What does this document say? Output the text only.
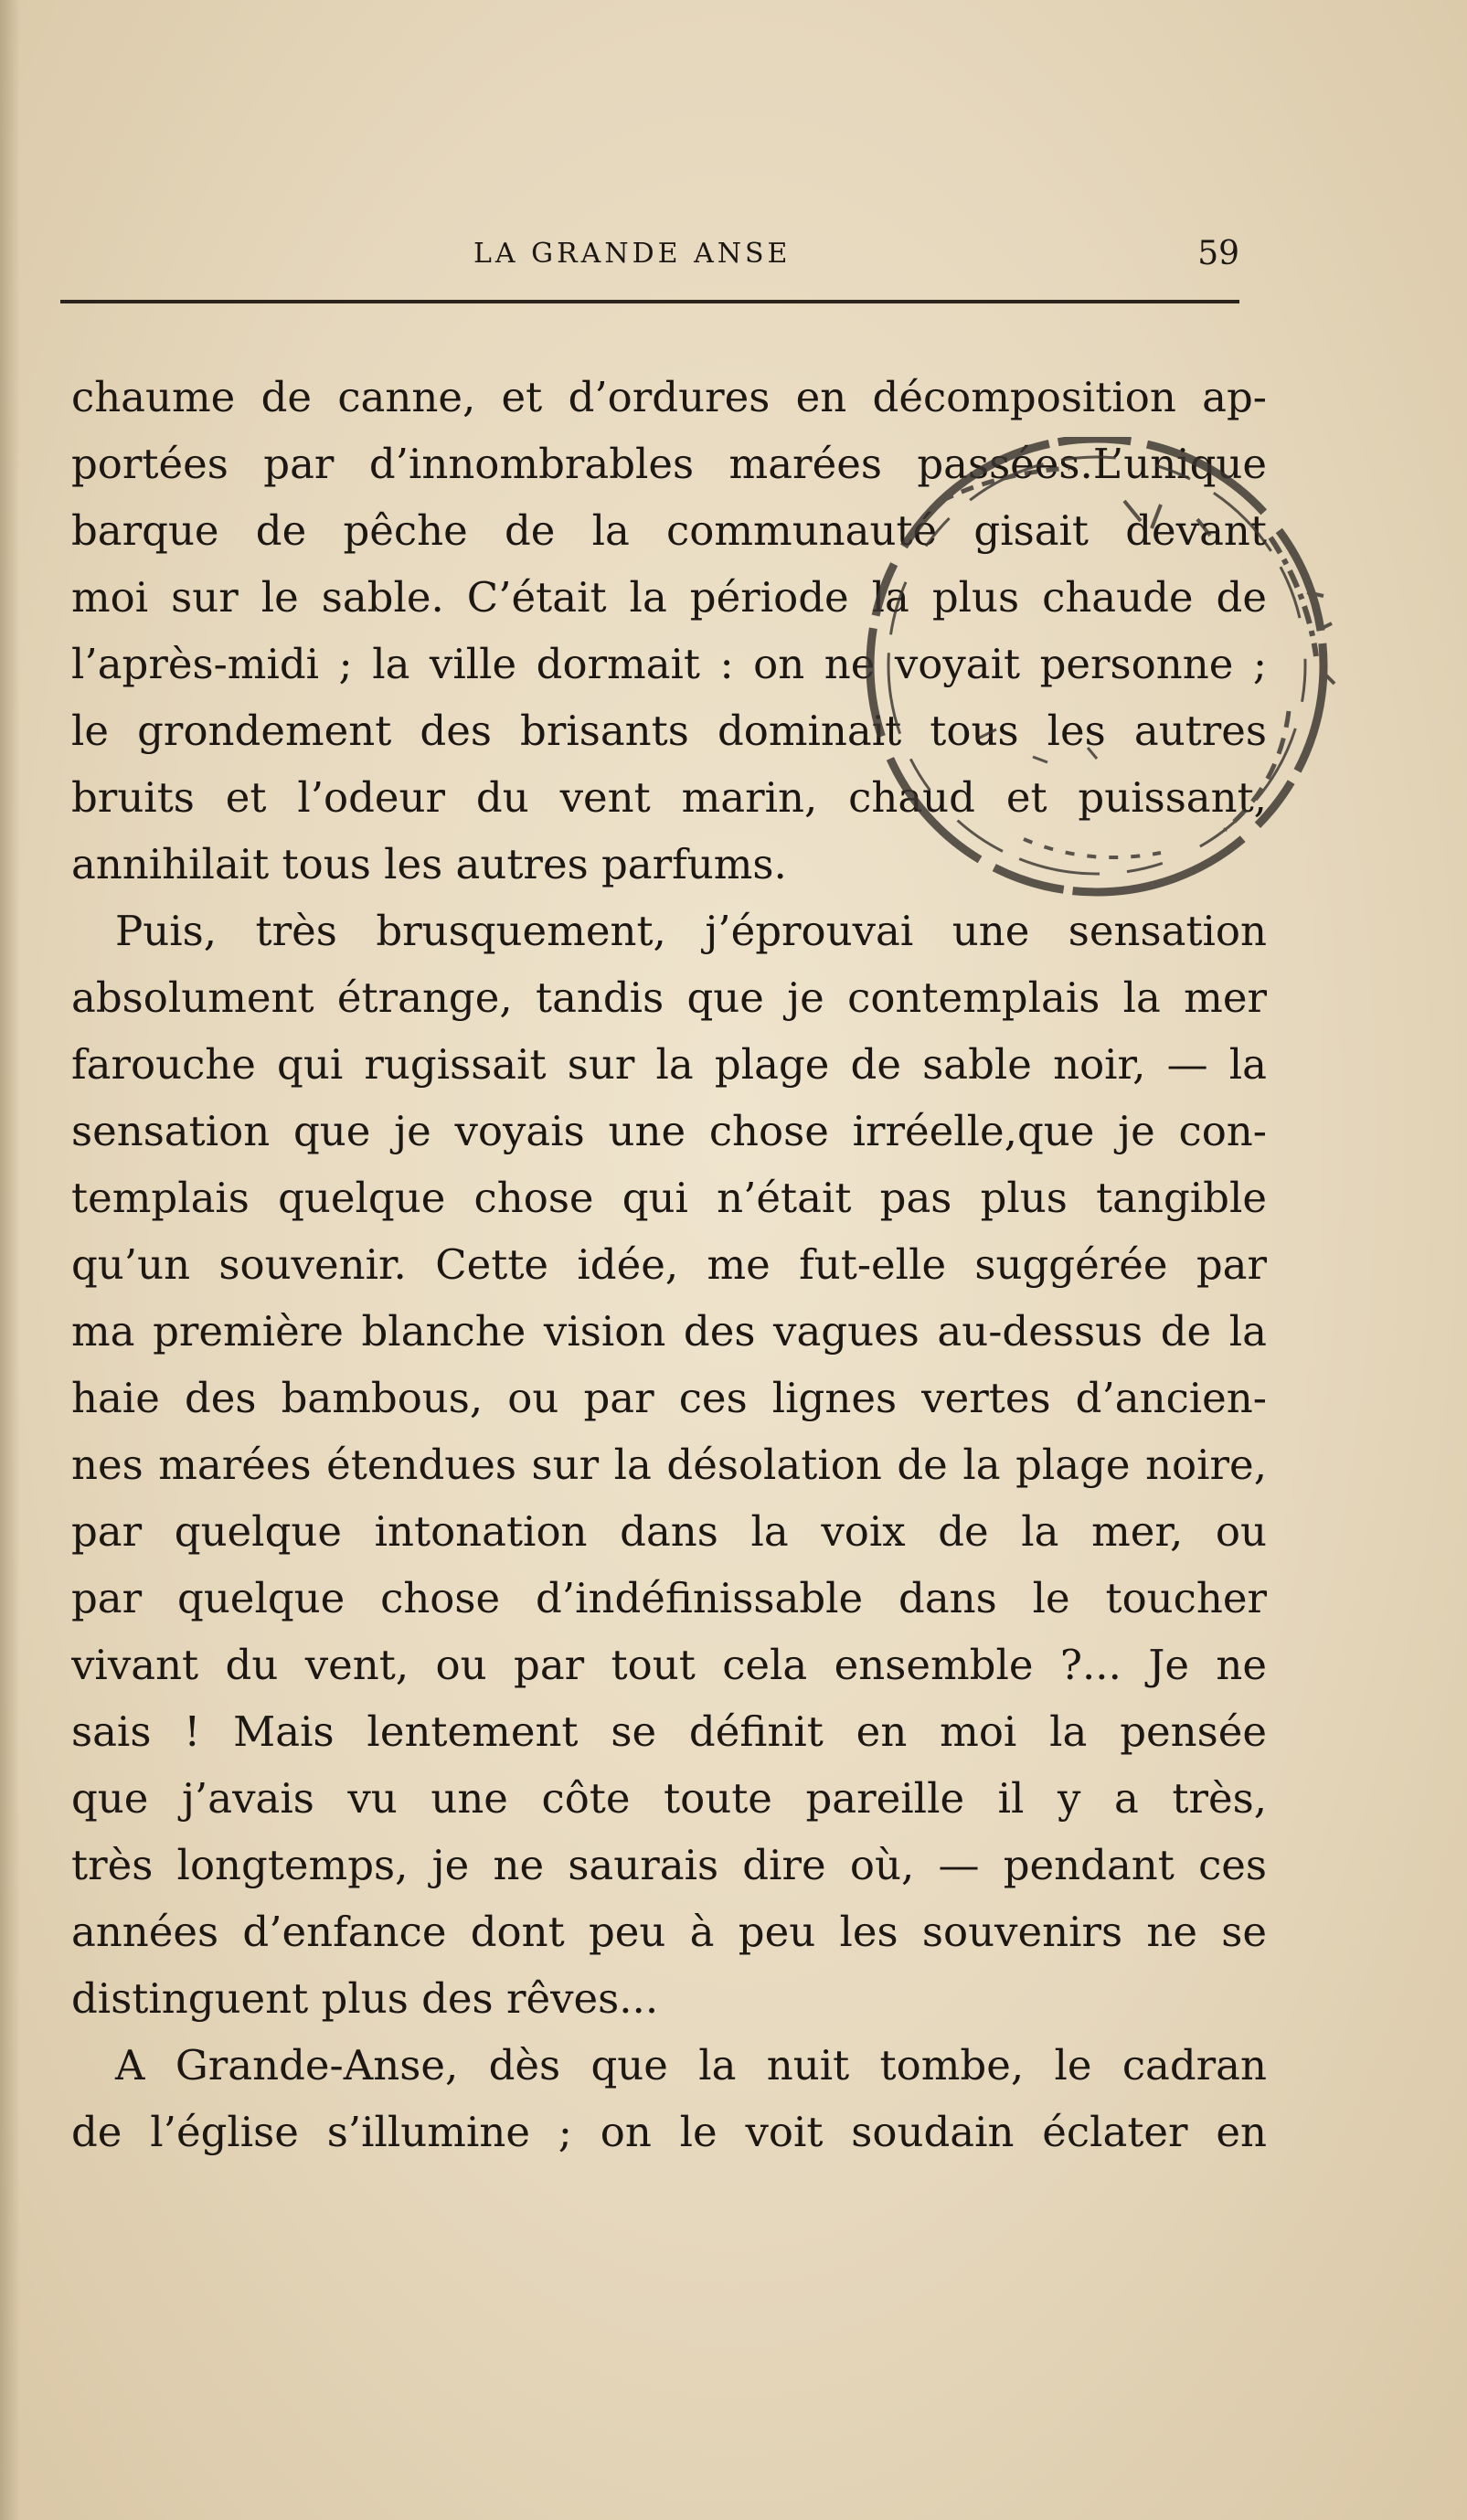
LA GRANDE ANSE	59
chaume de canne, et d’ordures en décomposition ap-
portées par d’innombrables marées passées.L’unique
barque de pêche de la communauté gisait devant
moi sur le sable. C’était la période la plus chaude de
l’après-midi ; la ville dormait : on ne voyait personne ;
le grondement des brisants dominait tous les autres
bruits et l’odeur du vent marin, chaud et puissant,
annihilait tous les autres parfums.
Puis, très brusquement, j’éprouvai une sensation
absolument étrange, tandis que je contemplais la mer
farouche qui rugissait sur la plage de sable noir, — la
sensation que je voyais une chose irréelle,que je con-
templais quelque chose qui n’était pas plus tangible
qu’un souvenir. Cette idée, me fut-elle suggérée par
ma première blanche vision des vagues au-dessus de la
haie des bambous, ou par ces lignes vertes d’ancien-
nes marées étendues sur la désolation de la plage noire,
par quelque intonation dans la voix de la mer, ou
par quelque chose d’indéfinissable dans le toucher
vivant du vent, ou par tout cela ensemble ?... Je ne
sais ! Mais lentement se définit en moi la pensée
que j’avais vu une côte toute pareille il y a très,
très longtemps, je ne saurais dire où, — pendant ces
années d’enfance dont peu à peu les souvenirs ne se
distinguent plus des rêves...
A Grande-Anse, dès que la nuit tombe, le cadran
de l’église s’illumine ; on le voit soudain éclater en
